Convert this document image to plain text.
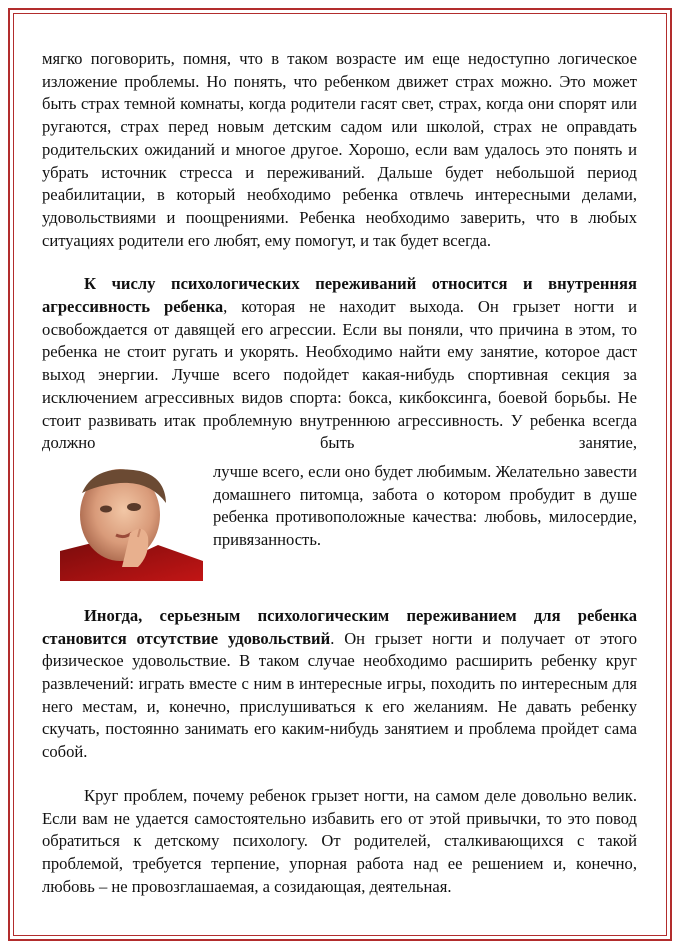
мягко поговорить, помня, что в таком возрасте им еще недоступно логическое изложение проблемы. Но понять, что ребенком движет страх можно. Это может быть страх темной комнаты, когда родители гасят свет, страх, когда они спорят или ругаются, страх перед новым детским садом или школой, страх не оправдать родительских ожиданий и многое другое. Хорошо, если вам удалось это понять и убрать источник стресса и переживаний. Дальше будет небольшой период реабилитации, в который необходимо ребенка отвлечь интересными делами, удовольствиями и поощрениями. Ребенка необходимо заверить, что в любых ситуациях родители его любят, ему помогут, и так будет всегда.

К числу психологических переживаний относится и внутренняя агрессивность ребенка, которая не находит выхода. Он грызет ногти и освобождается от давящей его агрессии. Если вы поняли, что причина в этом, то ребенка не стоит ругать и укорять. Необходимо найти ему занятие, которое даст выход энергии. Лучше всего подойдет какая-нибудь спортивная секция за исключением агрессивных видов спорта: бокса, кикбоксинга, боевой борьбы. Не стоит развивать итак проблемную внутреннюю агрессивность. У ребенка всегда должно быть занятие,

лучше всего, если оно будет любимым. Желательно завести домашнего питомца, забота о котором пробудит в душе ребенка противоположные качества: любовь, милосердие, привязанность.

Иногда, серьезным психологическим переживанием для ребенка становится отсутствие удовольствий. Он грызет ногти и получает от этого физическое удовольствие. В таком случае необходимо расширить ребенку круг развлечений: играть вместе с ним в интересные игры, походить по интересным для него местам, и, конечно, прислушиваться к его желаниям. Не давать ребенку скучать, постоянно занимать его каким-нибудь занятием и проблема пройдет сама собой.

Круг проблем, почему ребенок грызет ногти, на самом деле довольно велик. Если вам не удается самостоятельно избавить его от этой привычки, то это повод обратиться к детскому психологу. От родителей, сталкивающихся с такой проблемой, требуется терпение, упорная работа над ее решением и, конечно, любовь – не провозглашаемая, а созидающая, деятельная.
